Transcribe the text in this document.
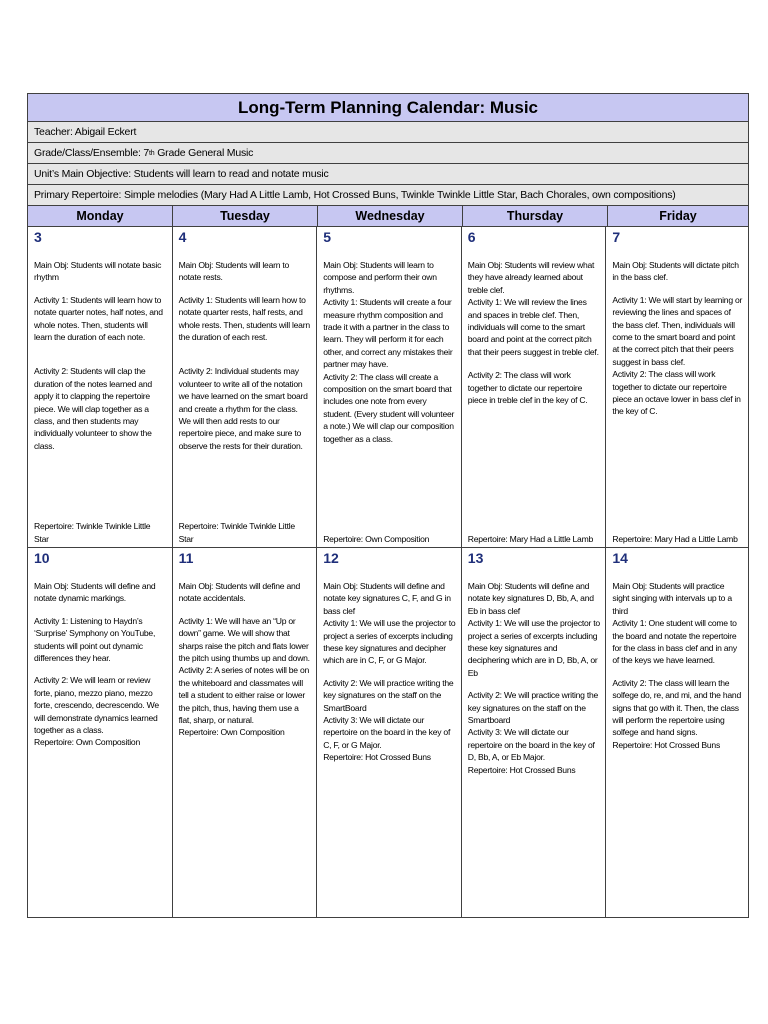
Long-Term Planning Calendar: Music
Teacher: Abigail Eckert
Grade/Class/Ensemble: 7 th Grade General Music
Unit’s Main Objective: Students will learn to read and notate music
Primary Repertoire: Simple melodies (Mary Had A Little Lamb, Hot Crossed Buns, Twinkle Twinkle Little Star, Bach Chorales, own compositions)
Monday	Tuesday	Wednesday	Thursday	Friday
3

Main Obj: Students will notate basic rhythm

Activity 1: Students will learn how to notate quarter notes, half notes, and whole notes. Then, students will learn the duration of each note.

Activity 2: Students will clap the duration of the notes learned and apply it to clapping the repertoire piece. We will clap together as a class, and then students may individually volunteer to show the class.

Repertoire: Twinkle Twinkle Little Star
4

Main Obj: Students will learn to notate rests.

Activity 1: Students will learn how to notate quarter rests, half rests, and whole rests. Then, students will learn the duration of each rest.

Activity 2: Individual students may volunteer to write all of the notation we have learned on the smart board and create a rhythm for the class. We will then add rests to our repertoire piece, and make sure to observe the rests for their duration.

Repertoire: Twinkle Twinkle Little Star
5

Main Obj: Students will learn to compose and perform their own rhythms.

Activity 1: Students will create a four measure rhythm composition and trade it with a partner in the class to learn. They will perform it for each other, and correct any mistakes their partner may have.

Activity 2: The class will create a composition on the smart board that includes one note from every student. (Every student will volunteer a note.) We will clap our composition together as a class.

Repertoire: Own Composition
6

Main Obj: Students will review what they have already learned about treble clef.

Activity 1: We will review the lines and spaces in treble clef. Then, individuals will come to the smart board and point at the correct pitch that their peers suggest in treble clef.

Activity 2: The class will work together to dictate our repertoire piece in treble clef in the key of C.

Repertoire: Mary Had a Little Lamb
7

Main Obj: Students will dictate pitch in the bass clef.

Activity 1: We will start by learning or reviewing the lines and spaces of the bass clef. Then, individuals will come to the smart board and point at the correct pitch that their peers suggest in bass clef.

Activity 2: The class will work together to dictate our repertoire piece an octave lower in bass clef in the key of C.

Repertoire: Mary Had a Little Lamb
10

Main Obj: Students will define and notate dynamic markings.

Activity 1: Listening to Haydn’s ‘Surprise’ Symphony on YouTube, students will point out dynamic differences they hear.

Activity 2: We will learn or review forte, piano, mezzo piano, mezzo forte, crescendo, decrescendo. We will demonstrate dynamics learned together as a class.

Repertoire: Own Composition
11

Main Obj: Students will define and notate accidentals.

Activity 1: We will have an “Up or down” game. We will show that sharps raise the pitch and flats lower the pitch using thumbs up and down.

Activity 2: A series of notes will be on the whiteboard and classmates will tell a student to either raise or lower the pitch, thus, having them use a flat, sharp, or natural.

Repertoire: Own Composition
12

Main Obj: Students will define and notate key signatures C, F, and G in bass clef

Activity 1: We will use the projector to project a series of excerpts including these key signatures and decipher which are in C, F, or G Major.

Activity 2: We will practice writing the key signatures on the staff on the SmartBoard

Activity 3: We will dictate our repertoire on the board in the key of C, F, or G Major.

Repertoire: Hot Crossed Buns
13

Main Obj: Students will define and notate key signatures D, Bb, A, and Eb in bass clef

Activity 1: We will use the projector to project a series of excerpts including these key signatures and deciphering which are in D, Bb, A, or Eb

Activity 2: We will practice writing the key signatures on the staff on the Smartboard

Activity 3: We will dictate our repertoire on the board in the key of D, Bb, A, or Eb Major.

Repertoire: Hot Crossed Buns
14

Main Obj: Students will practice sight singing with intervals up to a third

Activity 1: One student will come to the board and notate the repertoire for the class in bass clef and in any of the keys we have learned.

Activity 2: The class will learn the solfege do, re, and mi, and the hand signs that go with it. Then, the class will perform the repertoire using solfege and hand signs.

Repertoire: Hot Crossed Buns
